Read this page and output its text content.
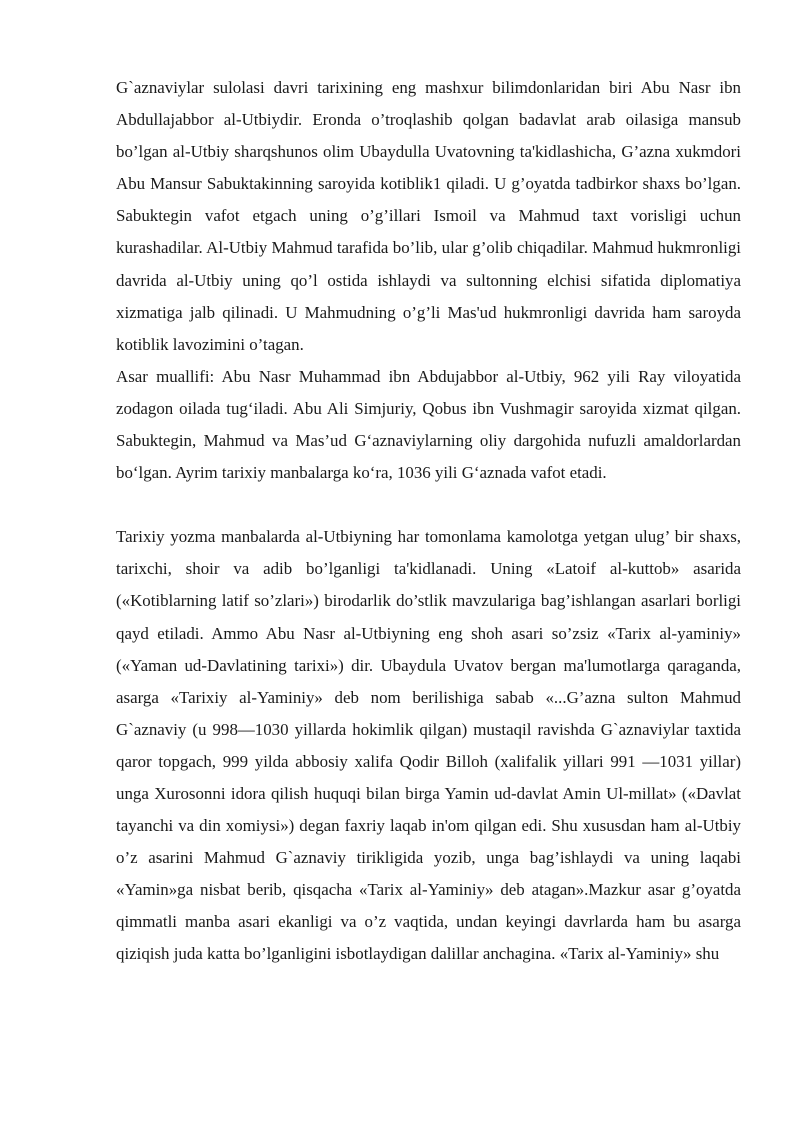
G`aznaviylar sulolasi davri tarixining eng mashxur bilimdonlaridan biri Abu Nasr ibn Abdullajabbor al-Utbiydir. Eronda o’troqlashib qolgan badavlat arab oilasiga mansub bo’lgan al-Utbiy sharqshunos olim Ubaydulla Uvatovning ta'kidlashicha, G’azna xukmdori Abu Mansur Sabuktakinning saroyida kotiblik1 qiladi. U g’oyatda tadbirkor shaxs bo’lgan. Sabuktegin vafot etgach uning o’g’illari Ismoil va Mahmud taxt vorisligi uchun kurashadilar. Al-Utbiy Mahmud tarafida bo’lib, ular g’olib chiqadilar. Mahmud hukmronligi davrida al-Utbiy uning qo’l ostida ishlaydi va sultonning elchisi sifatida diplomatiya xizmatiga jalb qilinadi. U Mahmudning o’g’li Mas'ud hukmronligi davrida ham saroyda kotiblik lavozimini o’tagan.

Asar muallifi: Abu Nasr Muhammad ibn Abdujabbor al-Utbiy, 962 yili Ray viloyatida zodagon oilada tug‘iladi. Abu Ali Simjuriy, Qobus ibn Vushmagir saroyida xizmat qilgan. Sabuktegin, Mahmud va Mas’ud G‘aznaviylarning oliy dargohida nufuzli amaldorlardan bo‘lgan. Ayrim tarixiy manbalarga ko‘ra, 1036 yili G‘aznada vafot etadi.

Tarixiy yozma manbalarda al-Utbiyning har tomonlama kamolotga yetgan ulug’ bir shaxs, tarixchi, shoir va adib bo’lganligi ta'kidlanadi. Uning «Latoif al-kuttob» asarida («Kotiblarning latif so’zlari») birodarlik do’stlik mavzulariga bag’ishlangan asarlari borligi qayd etiladi. Ammo Abu Nasr al-Utbiyning eng shoh asari so’zsiz «Tarix al-yaminiy» («Yaman ud-Davlatining tarixi») dir. Ubaydula Uvatov bergan ma'lumotlarga qaraganda, asarga «Tarixiy al-Yaminiy» deb nom berilishiga sabab «...G’azna sulton Mahmud G`aznaviy (u 998—1030 yillarda hokimlik qilgan) mustaqil ravishda G`aznaviylar taxtida qaror topgach, 999 yilda abbosiy xalifa Qodir Billoh (xalifalik yillari 991 —1031 yillar) unga Xurosonni idora qilish huquqi bilan birga Yamin ud-davlat Amin Ul-millat» («Davlat tayanchi va din xomiysi») degan faxriy laqab in'om qilgan edi. Shu xususdan ham al-Utbiy o’z asarini Mahmud G`aznaviy tirikligida yozib, unga bag’ishlaydi va uning laqabi «Yamin»ga nisbat berib, qisqacha «Tarix al-Yaminiy» deb atagan».Mazkur asar g’oyatda qimmatli manba asari ekanligi va o’z vaqtida, undan keyingi davrlarda ham bu asarga qiziqish juda katta bo’lganligini isbotlaydigan dalillar anchagina. «Tarix al-Yaminiy» shu
